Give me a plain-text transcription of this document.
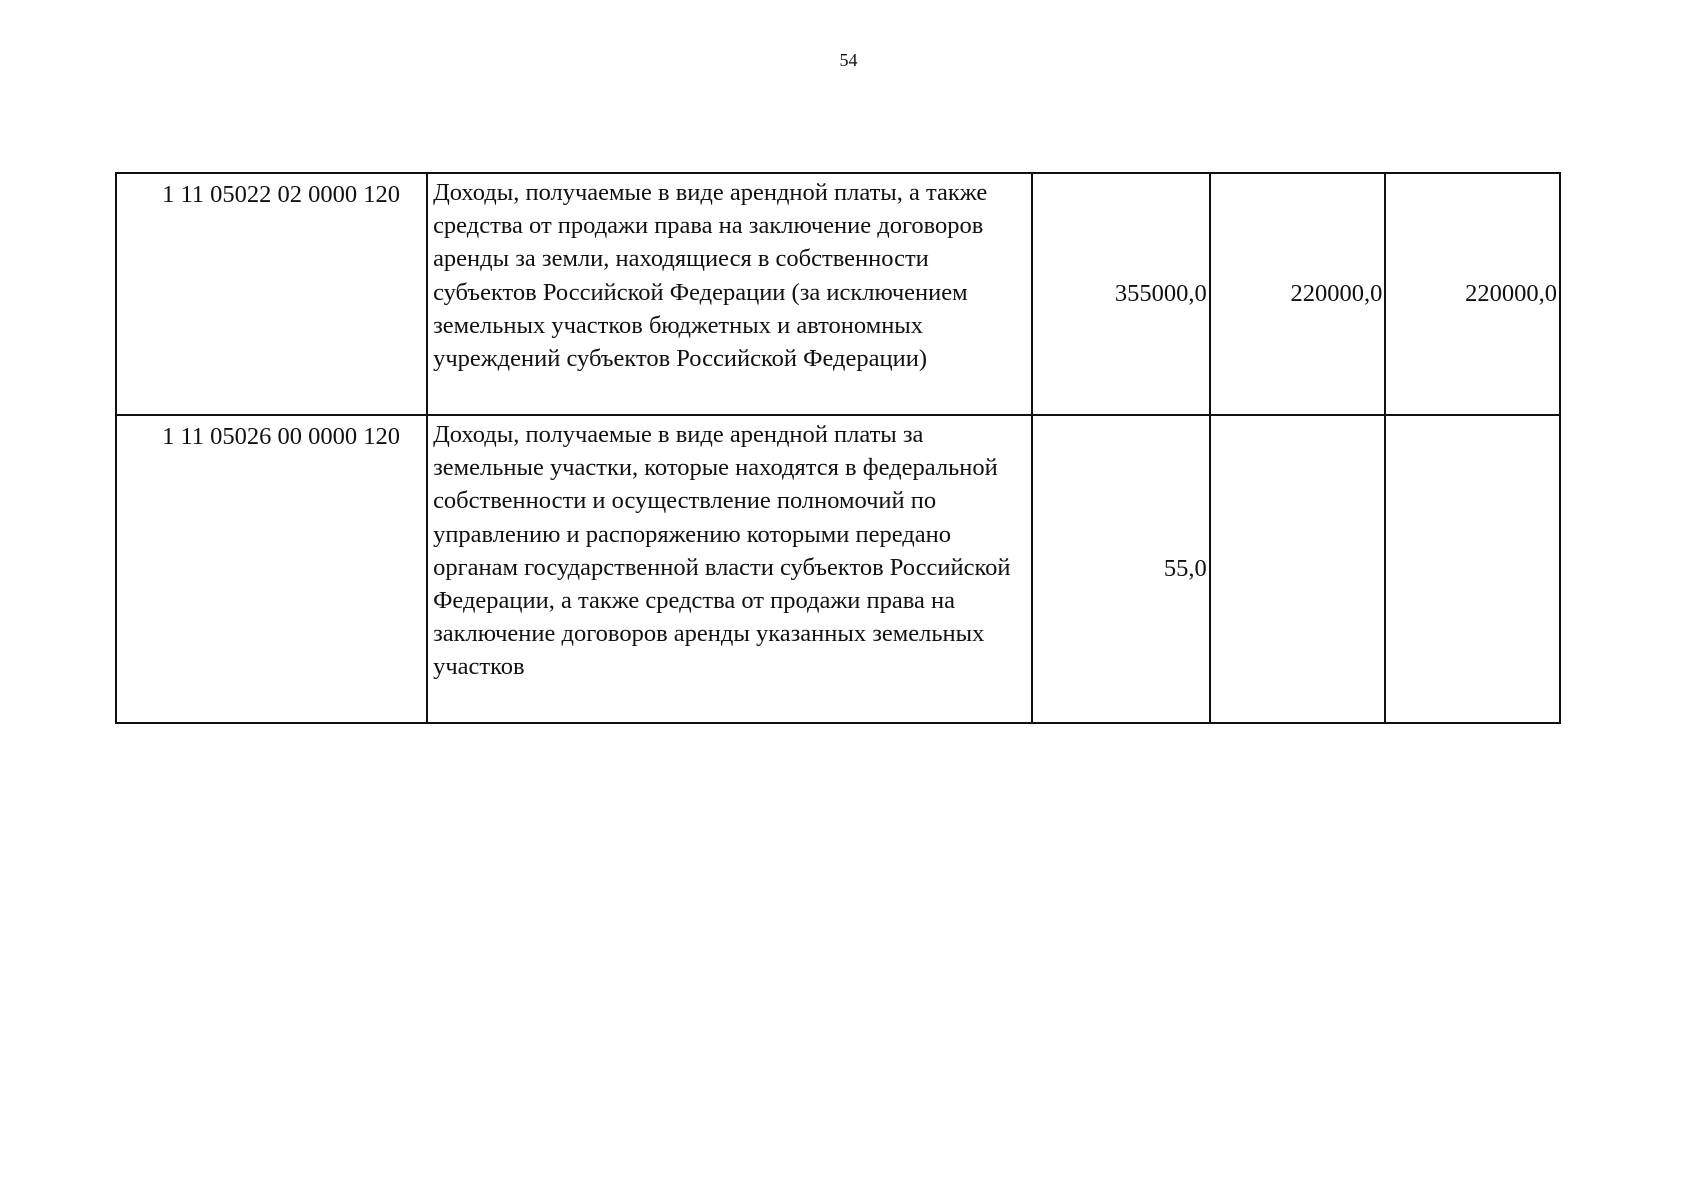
54
1 11 05022 02 0000 120	Доходы, получаемые в виде арендной платы, а также средства от продажи права на заключение договоров аренды за земли, находящиеся в собственности субъектов Российской Федерации (за исключением земельных участков бюджетных и автономных учреждений субъектов Российской Федерации)	355000,0	220000,0	220000,0
1 11 05026 00 0000 120	Доходы, получаемые в виде арендной платы за земельные участки, которые находятся в федеральной собственности и осуществление полномочий по управлению и распоряжению которыми передано органам государственной власти субъектов Российской Федерации, а также средства от продажи права на заключение договоров аренды указанных земельных участков	55,0		
